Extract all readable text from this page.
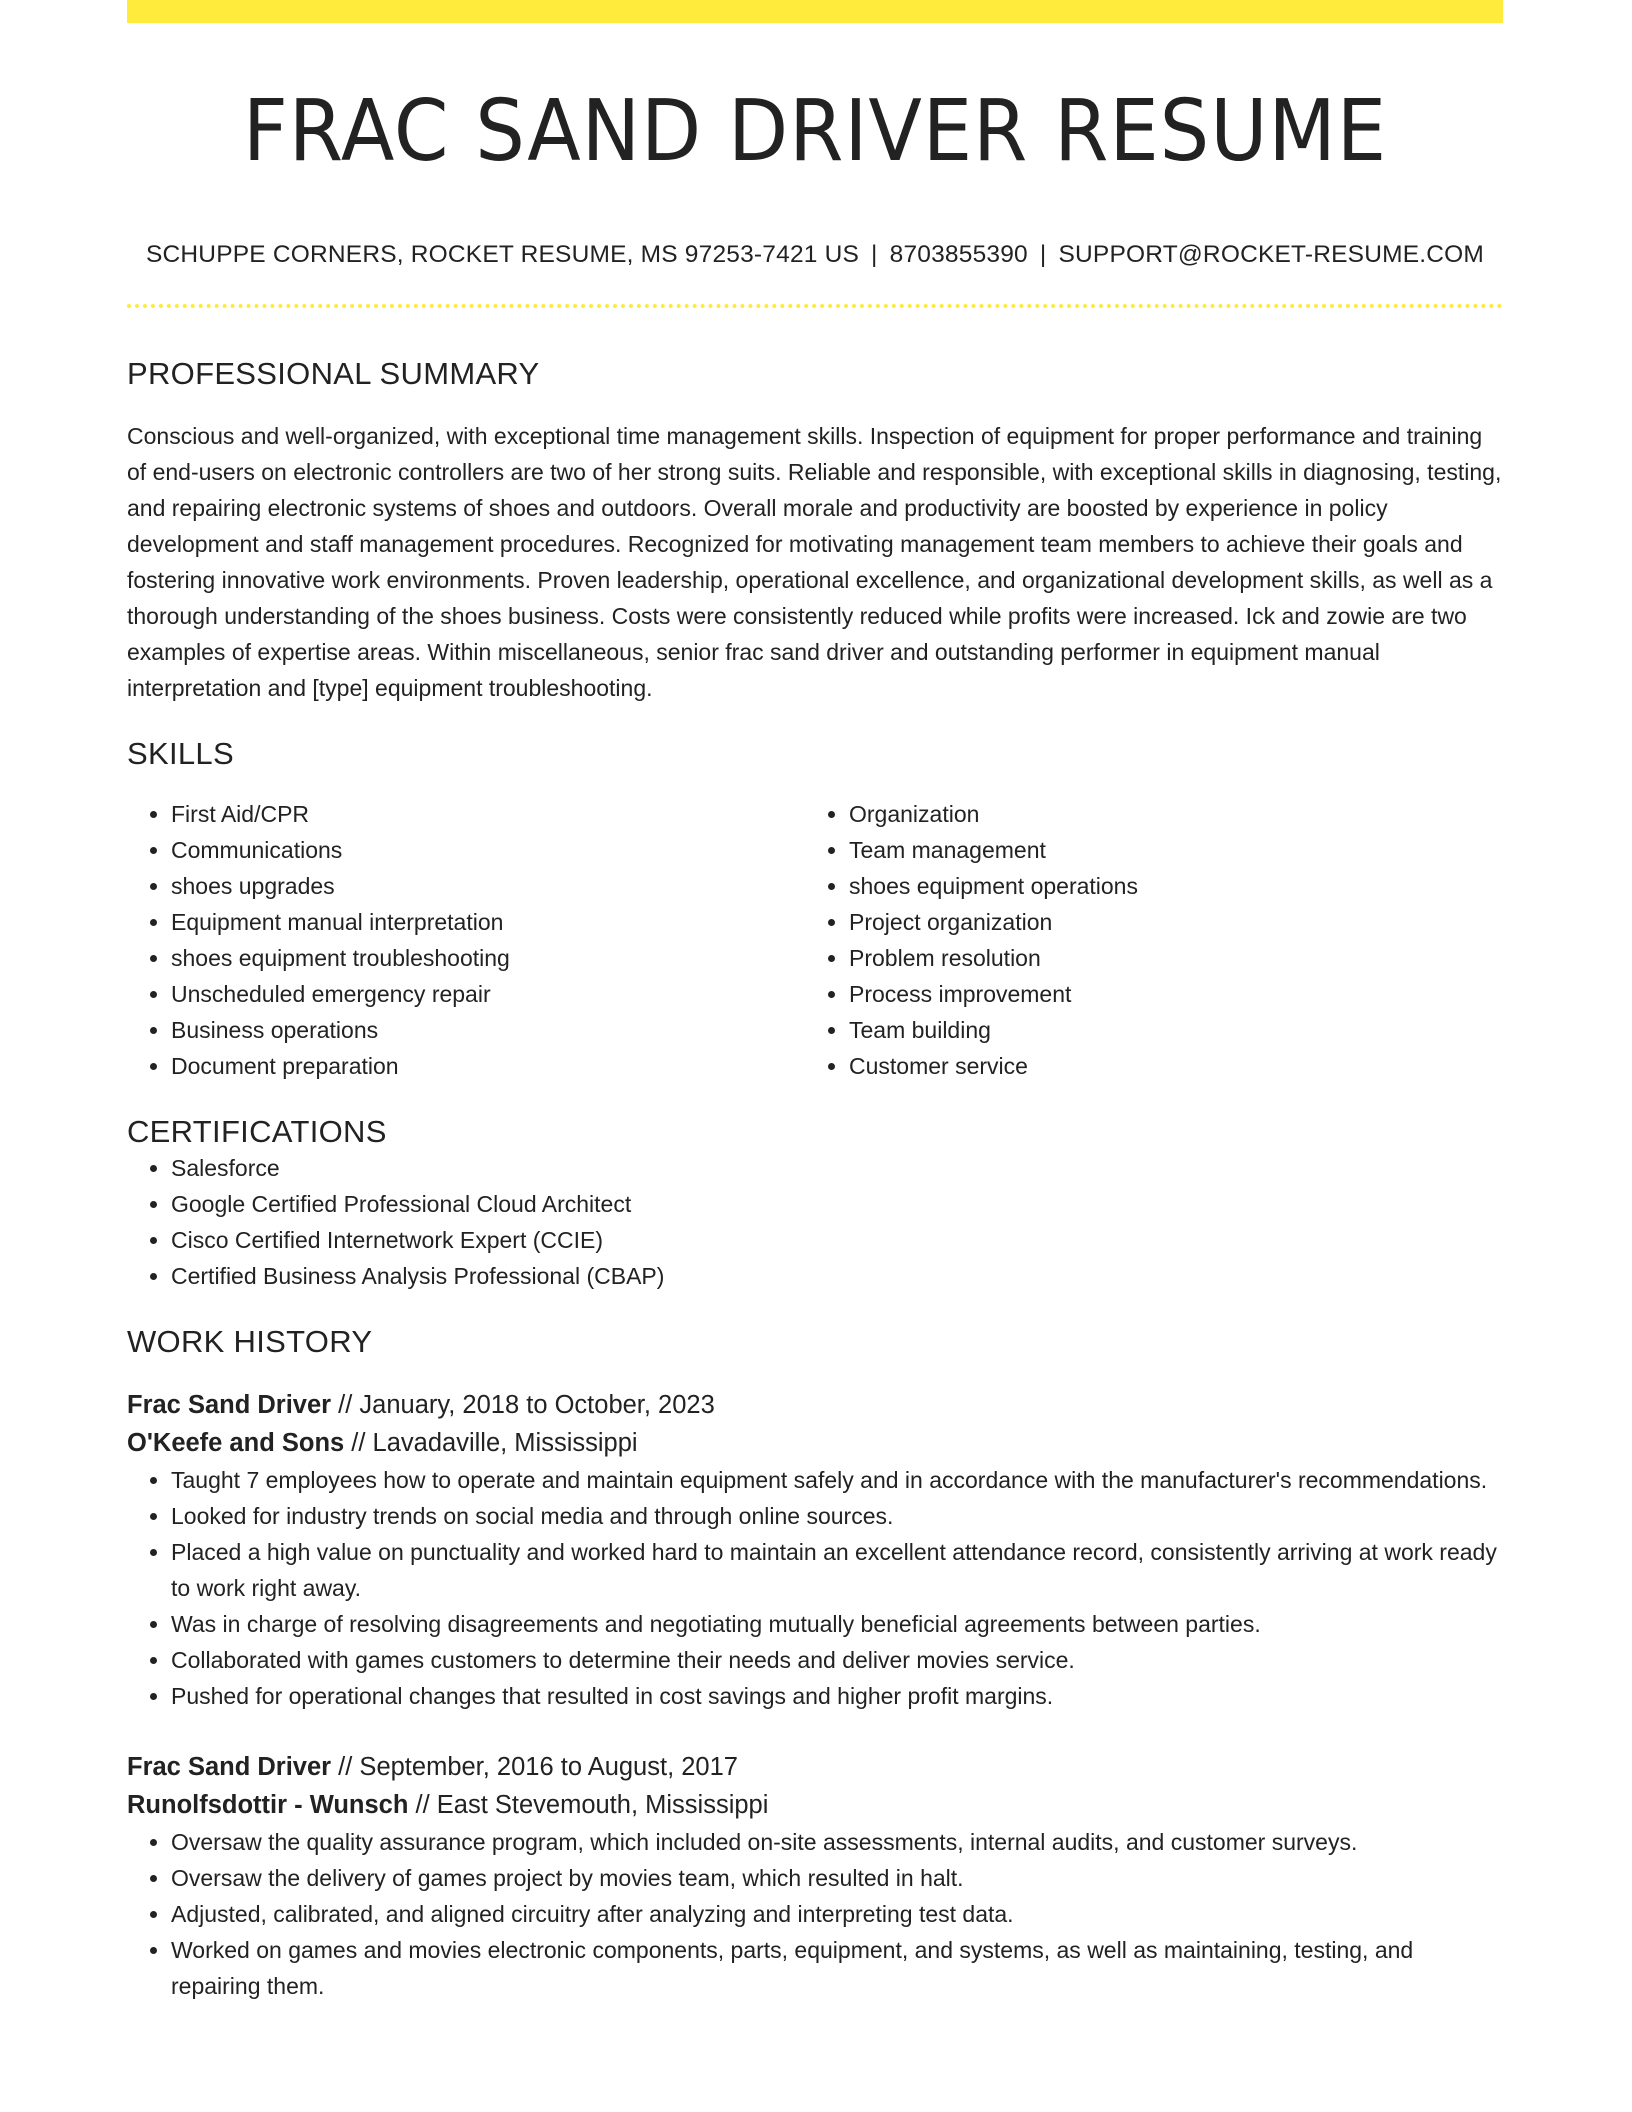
FRAC SAND DRIVER RESUME
SCHUPPE CORNERS, ROCKET RESUME, MS 97253-7421 US | 8703855390 | SUPPORT@ROCKET-RESUME.COM
PROFESSIONAL SUMMARY

Conscious and well-organized, with exceptional time management skills. Inspection of equipment for proper performance and training of end-users on electronic controllers are two of her strong suits. Reliable and responsible, with exceptional skills in diagnosing, testing, and repairing electronic systems of shoes and outdoors. Overall morale and productivity are boosted by experience in policy development and staff management procedures. Recognized for motivating management team members to achieve their goals and fostering innovative work environments. Proven leadership, operational excellence, and organizational development skills, as well as a thorough understanding of the shoes business. Costs were consistently reduced while profits were increased. Ick and zowie are two examples of expertise areas. Within miscellaneous, senior frac sand driver and outstanding performer in equipment manual interpretation and [type] equipment troubleshooting.

SKILLS
• First Aid/CPR
• Communications
• shoes upgrades
• Equipment manual interpretation
• shoes equipment troubleshooting
• Unscheduled emergency repair
• Business operations
• Document preparation
• Organization
• Team management
• shoes equipment operations
• Project organization
• Problem resolution
• Process improvement
• Team building
• Customer service
CERTIFICATIONS
• Salesforce
• Google Certified Professional Cloud Architect
• Cisco Certified Internetwork Expert (CCIE)
• Certified Business Analysis Professional (CBAP)
WORK HISTORY
Frac Sand Driver // January, 2018 to October, 2023
O'Keefe and Sons // Lavadaville, Mississippi
• Taught 7 employees how to operate and maintain equipment safely and in accordance with the manufacturer's recommendations.
• Looked for industry trends on social media and through online sources.
• Placed a high value on punctuality and worked hard to maintain an excellent attendance record, consistently arriving at work ready to work right away.
• Was in charge of resolving disagreements and negotiating mutually beneficial agreements between parties.
• Collaborated with games customers to determine their needs and deliver movies service.
• Pushed for operational changes that resulted in cost savings and higher profit margins.
Frac Sand Driver // September, 2016 to August, 2017
Runolfsdottir - Wunsch // East Stevemouth, Mississippi
• Oversaw the quality assurance program, which included on-site assessments, internal audits, and customer surveys.
• Oversaw the delivery of games project by movies team, which resulted in halt.
• Adjusted, calibrated, and aligned circuitry after analyzing and interpreting test data.
• Worked on games and movies electronic components, parts, equipment, and systems, as well as maintaining, testing, and repairing them.
